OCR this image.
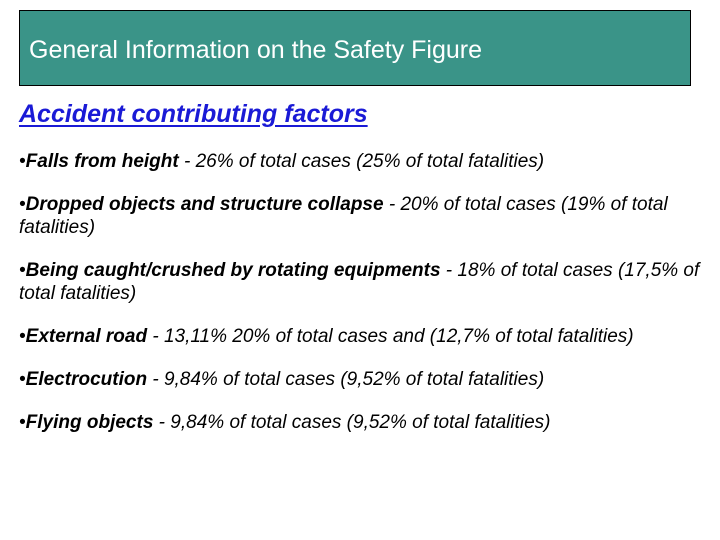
General Information on the Safety Figure
Accident contributing factors

•Falls from height - 26% of total cases (25% of total fatalities)

•Dropped objects and structure collapse - 20% of total cases (19% of total fatalities)

•Being caught/crushed by rotating equipments - 18% of total cases (17,5% of total fatalities)

•External road - 13,11% 20% of total cases and (12,7% of total fatalities)

•Electrocution - 9,84% of total cases (9,52% of total fatalities)

•Flying objects - 9,84% of total cases (9,52% of total fatalities)
